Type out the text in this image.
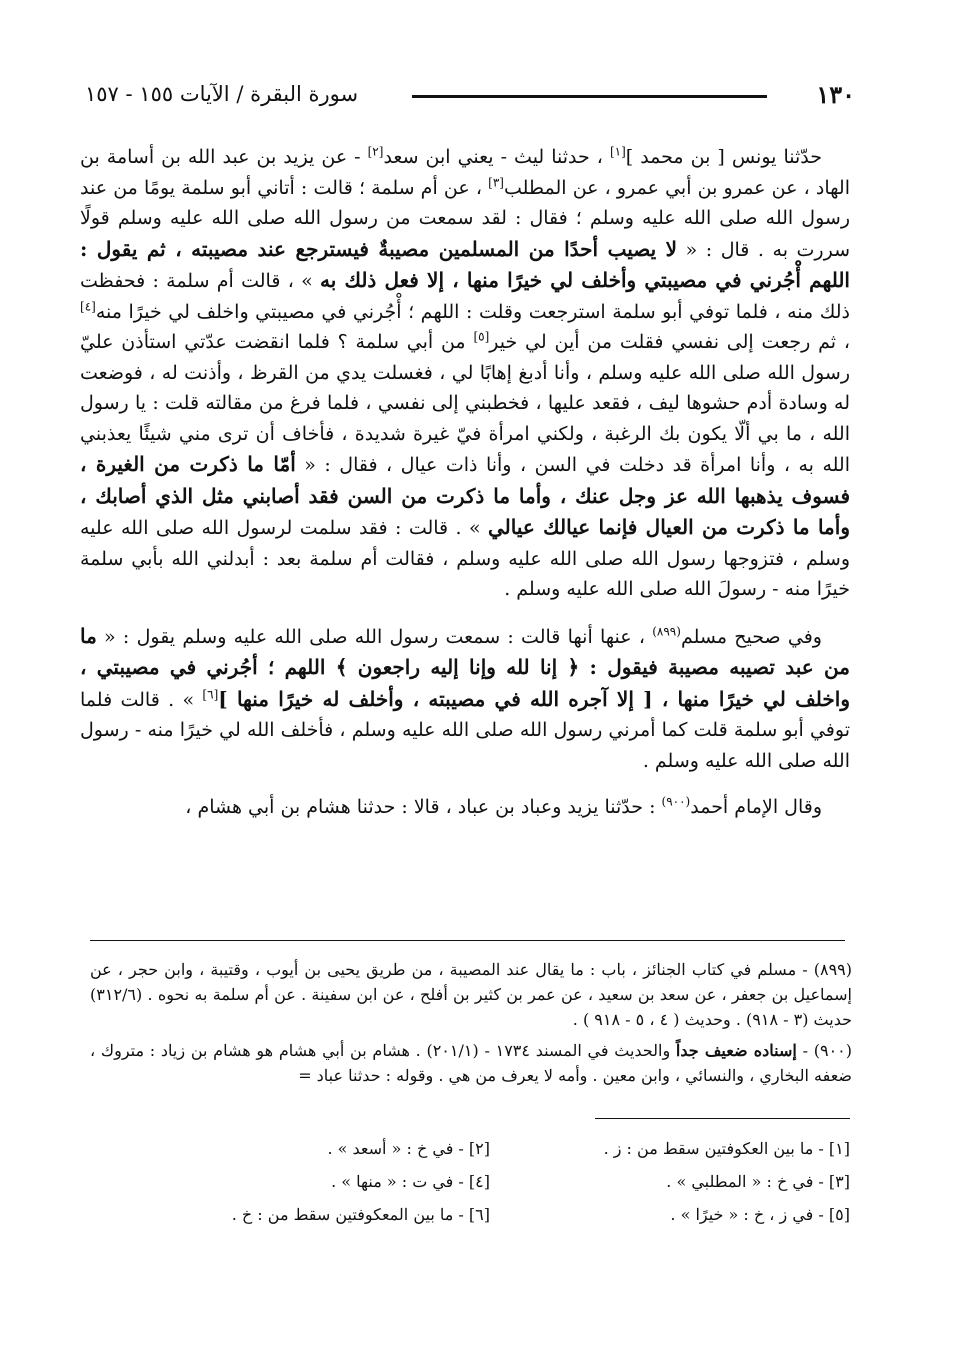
١٣٠
سورة البقرة / الآيات ١٥٥ - ١٥٧

حدّثنا يونس [ بن محمد ][١] ، حدثنا ليث - يعني ابن سعد[٢] - عن يزيد بن عبد الله بن أسامة بن الهاد ، عن عمرو بن أبي عمرو ، عن المطلب[٣] ، عن أم سلمة ؛ قالت : أتاني أبو سلمة يومًا من عند رسول الله صلى الله عليه وسلم ؛ فقال : لقد سمعت من رسول الله صلى الله عليه وسلم قولًا سررت به . قال : « لا يصيب أحدًا من المسلمين مصيبةٌ فيسترجع عند مصيبته ، ثم يقول : اللهم أْجُرني في مصيبتي وأخلف لي خيرًا منها ، إلا فعل ذلك به » ، قالت أم سلمة : فحفظت ذلك منه ، فلما توفي أبو سلمة استرجعت وقلت : اللهم ؛ أْجُرني في مصيبتي واخلف لي خيرًا منه[٤] ، ثم رجعت إلى نفسي فقلت من أين لي خير[٥] من أبي سلمة ؟ فلما انقضت عدّتي استأذن عليّ رسول الله صلى الله عليه وسلم ، وأنا أدبغ إهابًا لي ، فغسلت يدي من القرظ ، وأذنت له ، فوضعت له وسادة أدم حشوها ليف ، فقعد عليها ، فخطبني إلى نفسي ، فلما فرغ من مقالته قلت : يا رسول الله ، ما بي ألّا يكون بك الرغبة ، ولكني امرأة فيّ غيرة شديدة ، فأخاف أن ترى مني شيئًا يعذبني الله به ، وأنا امرأة قد دخلت في السن ، وأنا ذات عيال ، فقال : « أمّا ما ذكرت من الغيرة ، فسوف يذهبها الله عز وجل عنك ، وأما ما ذكرت من السن فقد أصابني مثل الذي أصابك ، وأما ما ذكرت من العيال فإنما عيالك عيالي » . قالت : فقد سلمت لرسول الله صلى الله عليه وسلم ، فتزوجها رسول الله صلى الله عليه وسلم ، فقالت أم سلمة بعد : أبدلني الله بأبي سلمة خيرًا منه - رسولَ الله صلى الله عليه وسلم .

وفي صحيح مسلم$^{(٨٩٩)}$ ، عنها أنها قالت : سمعت رسول الله صلى الله عليه وسلم يقول : « ما من عبد تصيبه مصيبة فيقول : ﴿ إنا لله وإنا إليه راجعون ﴾ اللهم ؛ أجُرني في مصيبتي ، واخلف لي خيرًا منها ، [ إلا آجره الله في مصيبته ، وأخلف له خيرًا منها ][٦] » . قالت فلما توفي أبو سلمة قلت كما أمرني رسول الله صلى الله عليه وسلم ، فأخلف الله لي خيرًا منه - رسول الله صلى الله عليه وسلم .

وقال الإمام أحمد$^{(٩٠٠)}$ : حدّثنا يزيد وعباد بن عباد ، قالا : حدثنا هشام بن أبي هشام ،

(٨٩٩) - مسلم في كتاب الجنائز ، باب : ما يقال عند المصيبة ، من طريق يحيى بن أيوب ، وقتيبة ، وابن حجر ، عن إسماعيل بن جعفر ، عن سعد بن سعيد ، عن عمر بن كثير بن أفلح ، عن ابن سفينة . عن أم سلمة به نحوه . (٣١٢/٦) حديث (٣ - ٩١٨) . وحديث ( ٤ ، ٥ - ٩١٨ ) .

(٩٠٠) - إسناده ضعيف جداً والحديث في المسند ١٧٣٤ - (٢٠١/١) . هشام بن أبي هشام هو هشام بن زياد : متروك ، ضعفه البخاري ، والنسائي ، وابن معين . وأمه لا يعرف من هي . وقوله : حدثنا عباد =

[١] - ما بين العكوفتين سقط من : ز .
[٢] - في خ : « أسعد » .
[٣] - في خ : « المطلبي » .
[٤] - في ت : « منها » .
[٥] - في ز ، خ : « خيرًا » .
[٦] - ما بين المعكوفتين سقط من : خ .
